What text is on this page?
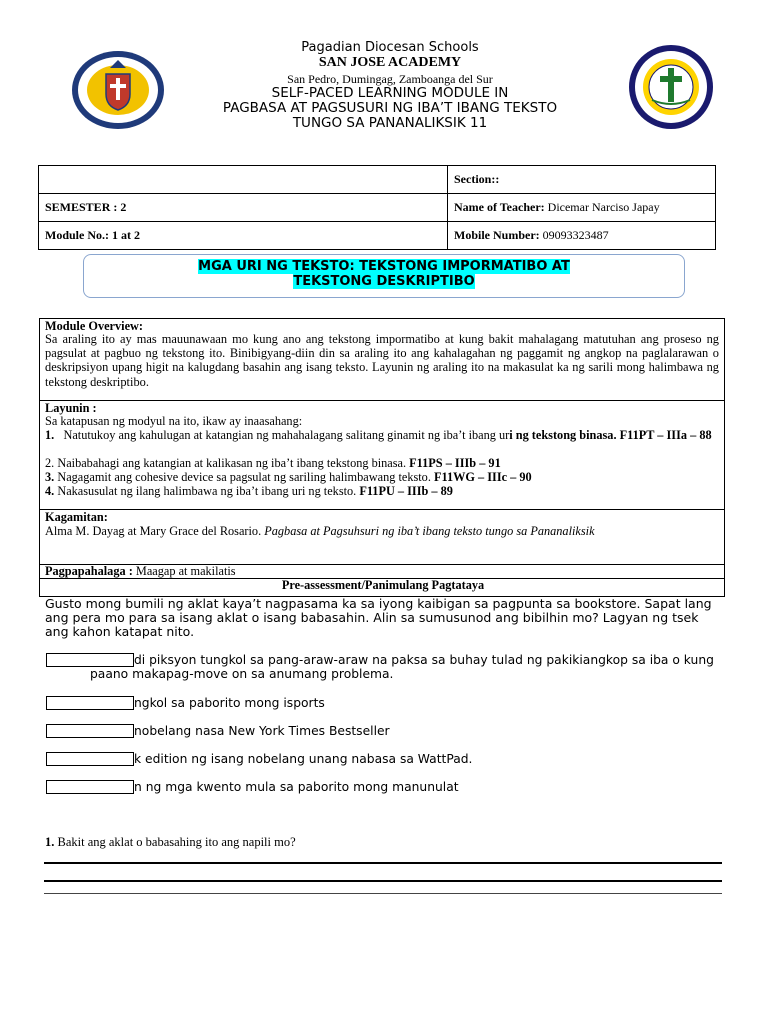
Pagadian Diocesan Schools
SAN JOSE ACADEMY
San Pedro, Dumingag, Zamboanga del Sur
SELF-PACED LEARNING MODULE IN
PAGBASA AT PAGSUSURI NG IBA’T IBANG TEKSTO
TUNGO SA PANANALIKSIK 11
	Section::
SEMESTER : 2	Name of Teacher: Dicemar Narciso Japay
Module No.: 1 at 2	Mobile Number: 09093323487
MGA URI NG TEKSTO: TEKSTONG IMPORMATIBO AT
TEKSTONG DESKRIPTIBO
Module Overview:
Sa araling ito ay mas mauunawaan mo kung ano ang tekstong impormatibo at kung bakit mahalagang matutuhan ang proseso ng pagsulat at pagbuo ng tekstong ito. Binibigyang-diin din sa araling ito ang kahalagahan ng paggamit ng angkop na paglalarawan o deskripsiyon upang higit na kalugdang basahin ang isang teksto. Layunin ng araling ito na makasulat ka ng sarili mong halimbawa ng tekstong deskriptibo.
Layunin :
Sa katapusan ng modyul na ito, ikaw ay inaasahang:
1. Natutukoy ang kahulugan at katangian ng mahahalagang salitang ginamit ng iba’t ibang uri ng tekstong binasa. F11PT – IIIa – 88
2. Naibabahagi ang katangian at kalikasan ng iba’t ibang tekstong binasa. F11PS – IIIb – 91
3. Nagagamit ang cohesive device sa pagsulat ng sariling halimbawang teksto. F11WG – IIIc – 90
4. Nakasusulat ng ilang halimbawa ng iba’t ibang uri ng teksto. F11PU – IIIb – 89
Kagamitan:
Alma M. Dayag at Mary Grace del Rosario. Pagbasa at Pagsuhsuri ng iba’t ibang teksto tungo sa Pananaliksik
Pagpapahalaga : Maagap at makilatis
Pre-assessment/Panimulang Pagtataya
Gusto mong bumili ng aklat kaya’t nagpasama ka sa iyong kaibigan sa pagpunta sa bookstore. Sapat lang ang pera mo para sa isang aklat o isang babasahin. Alin sa sumusunod ang bibilhin mo? Lagyan ng tsek ang kahon katapat nito.
di piksyon tungkol sa pang-araw-araw na paksa sa buhay tulad ng pakikiangkop sa iba o kung
paano makapag-move on sa anumang problema.
ngkol sa paborito mong isports
nobelang nasa New York Times Bestseller
k edition ng isang nobelang unang nabasa sa WattPad.
n ng mga kwento mula sa paborito mong manunulat
1. Bakit ang aklat o babasahing ito ang napili mo?
